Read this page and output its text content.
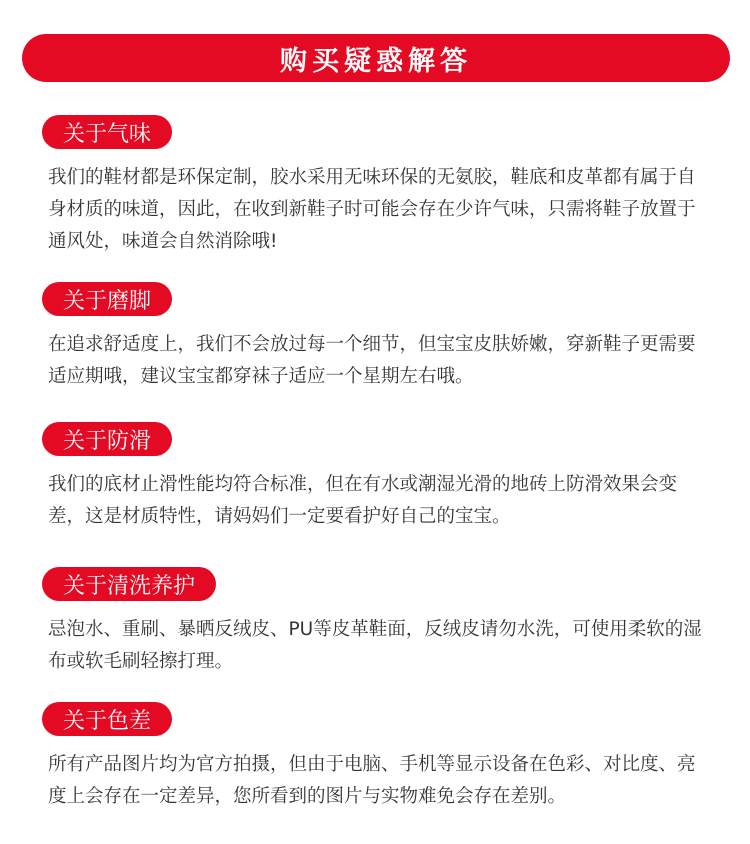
购买疑惑解答
关于气味

我们的鞋材都是环保定制，胶水采用无味环保的无氨胶，鞋底和皮革都有属于自身材质的味道，因此，在收到新鞋子时可能会存在少许气味，只需将鞋子放置于通风处，味道会自然消除哦!

关于磨脚

在追求舒适度上，我们不会放过每一个细节，但宝宝皮肤娇嫩，穿新鞋子更需要适应期哦，建议宝宝都穿袜子适应一个星期左右哦。

关于防滑

我们的底材止滑性能均符合标准，但在有水或潮湿光滑的地砖上防滑效果会变差，这是材质特性，请妈妈们一定要看护好自己的宝宝。

关于清洗养护

忌泡水、重刷、暴晒反绒皮、PU等皮革鞋面，反绒皮请勿水洗，可使用柔软的湿布或软毛刷轻擦打理。

关于色差

所有产品图片均为官方拍摄，但由于电脑、手机等显示设备在色彩、对比度、亮度上会存在一定差异，您所看到的图片与实物难免会存在差别。
